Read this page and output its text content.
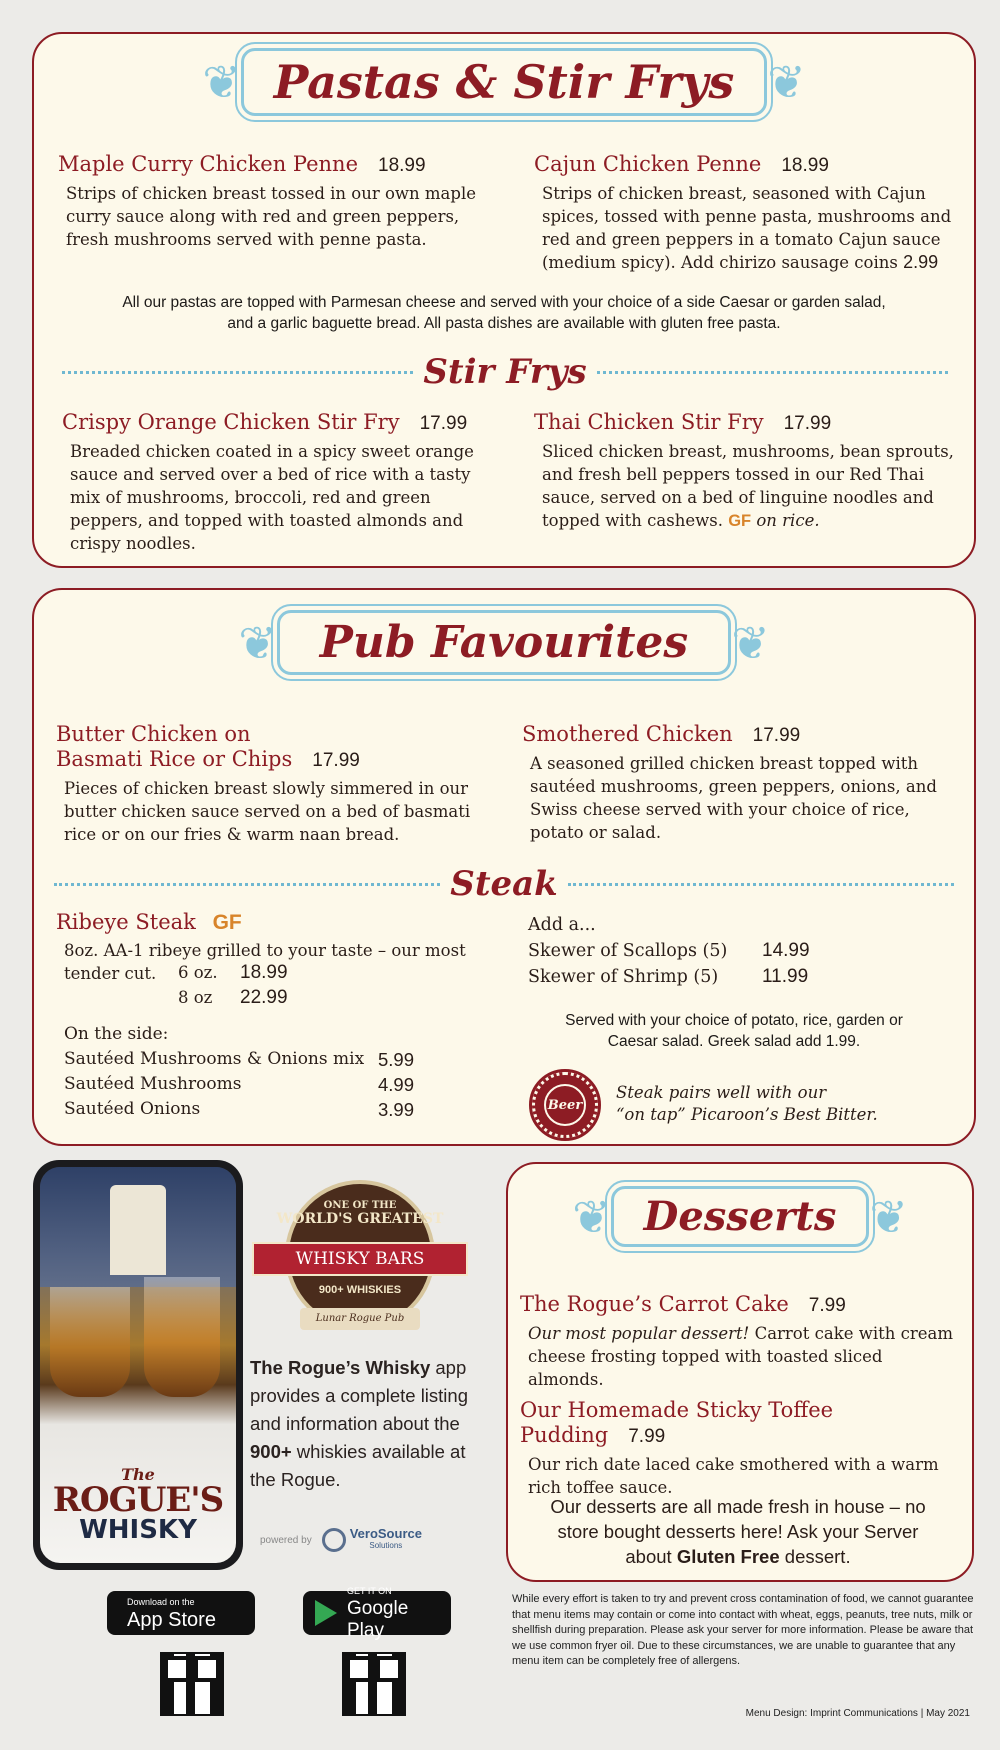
❦ Pastas & Stir Frys ❦
Maple Curry Chicken Penne 18.99
Strips of chicken breast tossed in our own maple curry sauce along with red and green peppers, fresh mushrooms served with penne pasta.
Cajun Chicken Penne 18.99
Strips of chicken breast, seasoned with Cajun spices, tossed with penne pasta, mushrooms and red and green peppers in a tomato Cajun sauce (medium spicy). Add chirizo sausage coins 2.99
All our pastas are topped with Parmesan cheese and served with your choice of a side Caesar or garden salad,
and a garlic baguette bread. All pasta dishes are available with gluten free pasta.
Stir Frys
Crispy Orange Chicken Stir Fry 17.99
Breaded chicken coated in a spicy sweet orange sauce and served over a bed of rice with a tasty mix of mushrooms, broccoli, red and green peppers, and topped with toasted almonds and crispy noodles.
Thai Chicken Stir Fry 17.99
Sliced chicken breast, mushrooms, bean sprouts, and fresh bell peppers tossed in our Red Thai sauce, served on a bed of linguine noodles and topped with cashews. GF on rice.
❦ Pub Favourites ❦
Butter Chicken on
Basmati Rice or Chips 17.99
Pieces of chicken breast slowly simmered in our butter chicken sauce served on a bed of basmati rice or on our fries & warm naan bread.
Smothered Chicken 17.99
A seasoned grilled chicken breast topped with sautéed mushrooms, green peppers, onions, and Swiss cheese served with your choice of rice, potato or salad.
Steak
Ribeye Steak GF
8oz. AA-1 ribeye grilled to your taste – our most tender cut.	6 oz.	18.99
8 oz	22.99
On the side:
Sautéed Mushrooms & Onions mix 5.99
Sautéed Mushrooms	4.99
Sautéed Onions	3.99
Add a...
Skewer of Scallops (5)	14.99
Skewer of Shrimp (5)	11.99
Served with your choice of potato, rice, garden or
Caesar salad. Greek salad add 1.99.
Beer
Steak pairs well with our
“on tap” Picaroon’s Best Bitter.
The
ROGUE'S
WHISKY
ONE OF THE
WORLD'S GREATEST
WHISKY BARS
900+ WHISKIES
Lunar Rogue Pub
The Rogue’s Whisky app provides a complete listing and information about the 900+ whiskies available at the Rogue.
powered by	VeroSource
Solutions
Download on the
App Store
GET IT ON
Google Play
❦ Desserts ❦
The Rogue’s Carrot Cake 7.99
Our most popular dessert! Carrot cake with cream cheese frosting topped with toasted sliced almonds.
Our Homemade Sticky Toffee Pudding 7.99
Our rich date laced cake smothered with a warm rich toffee sauce.
Our desserts are all made fresh in house – no store bought desserts here! Ask your Server about Gluten Free dessert.
While every effort is taken to try and prevent cross contamination of food, we cannot guarantee that menu items may contain or come into contact with wheat, eggs, peanuts, tree nuts, milk or shellfish during preparation. Please ask your server for more information. Please be aware that we use common fryer oil. Due to these circumstances, we are unable to guarantee that any menu item can be completely free of allergens.
Menu Design: Imprint Communications | May 2021
